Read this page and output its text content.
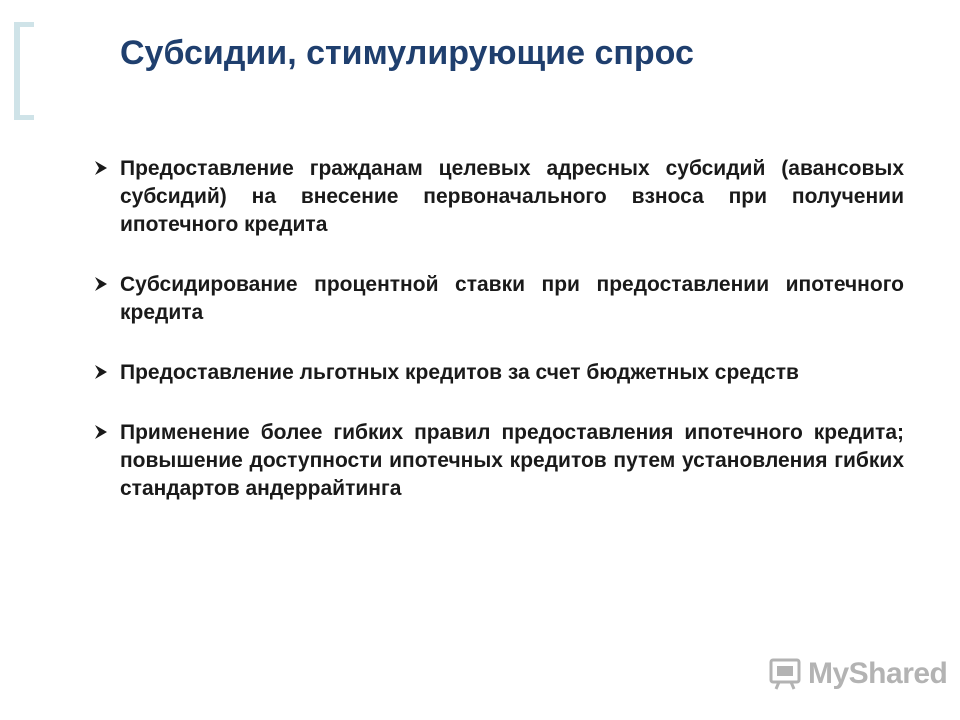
Субсидии, стимулирующие спрос
Предоставление гражданам целевых адресных субсидий (авансовых субсидий) на внесение первоначального взноса при получении ипотечного кредита
Субсидирование процентной ставки при предоставлении ипотечного кредита
Предоставление льготных кредитов за счет бюджетных средств
Применение более гибких правил предоставления ипотечного кредита; повышение доступности ипотечных кредитов путем установления гибких стандартов андеррайтинга
MyShared
